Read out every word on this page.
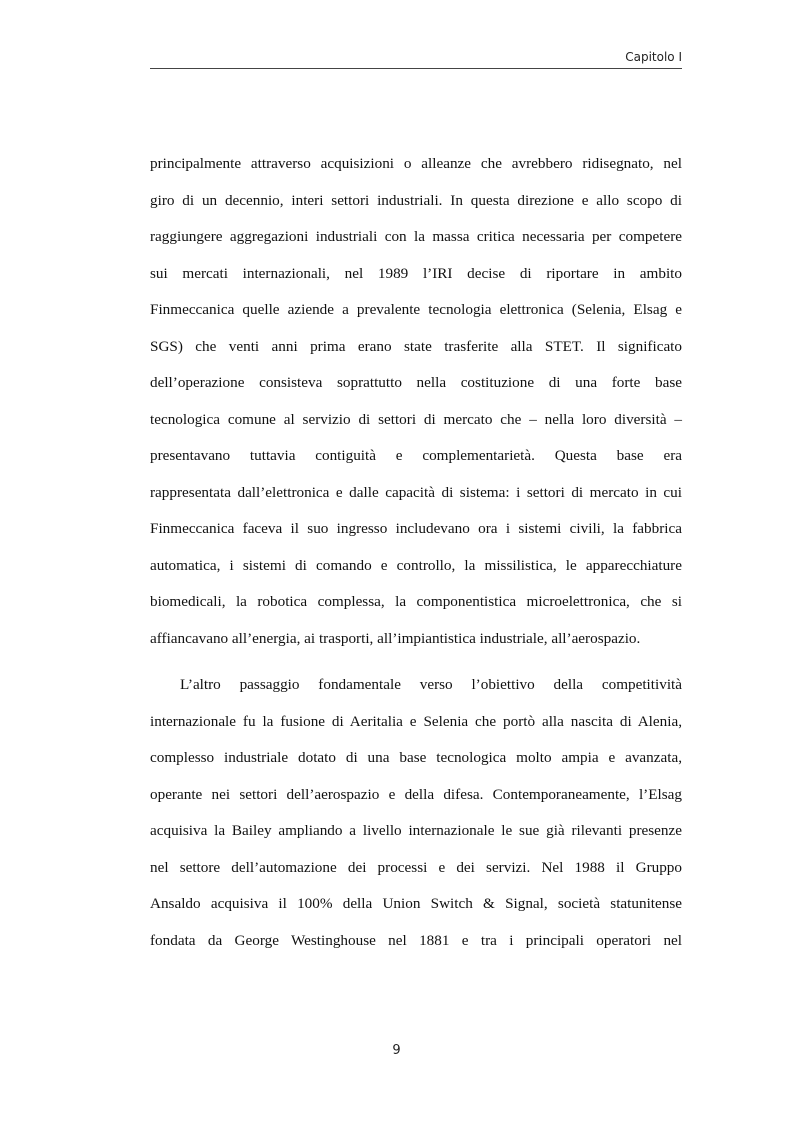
Capitolo I

principalmente attraverso acquisizioni o alleanze che avrebbero ridisegnato, nel
giro di un decennio, interi settori industriali. In questa direzione e allo scopo di
raggiungere aggregazioni industriali con la massa critica necessaria per competere
sui mercati internazionali, nel 1989 l’IRI decise di riportare in ambito
Finmeccanica quelle aziende a prevalente tecnologia elettronica (Selenia, Elsag e
SGS) che venti anni prima erano state trasferite alla STET. Il significato
dell’operazione consisteva soprattutto nella costituzione di una forte base
tecnologica comune al servizio di settori di mercato che – nella loro diversità –
presentavano tuttavia contiguità e complementarietà. Questa base era
rappresentata dall’elettronica e dalle capacità di sistema: i settori di mercato in cui
Finmeccanica faceva il suo ingresso includevano ora i sistemi civili, la fabbrica
automatica, i sistemi di comando e controllo, la missilistica, le apparecchiature
biomedicali, la robotica complessa, la componentistica microelettronica, che si
affiancavano all’energia, ai trasporti, all’impiantistica industriale, all’aerospazio.

L’altro passaggio fondamentale verso l’obiettivo della competitività
internazionale fu la fusione di Aeritalia e Selenia che portò alla nascita di Alenia,
complesso industriale dotato di una base tecnologica molto ampia e avanzata,
operante nei settori dell’aerospazio e della difesa. Contemporaneamente, l’Elsag
acquisiva la Bailey ampliando a livello internazionale le sue già rilevanti presenze
nel settore dell’automazione dei processi e dei servizi. Nel 1988 il Gruppo
Ansaldo acquisiva il 100% della Union Switch & Signal, società statunitense
fondata da George Westinghouse nel 1881 e tra i principali operatori nel

9
